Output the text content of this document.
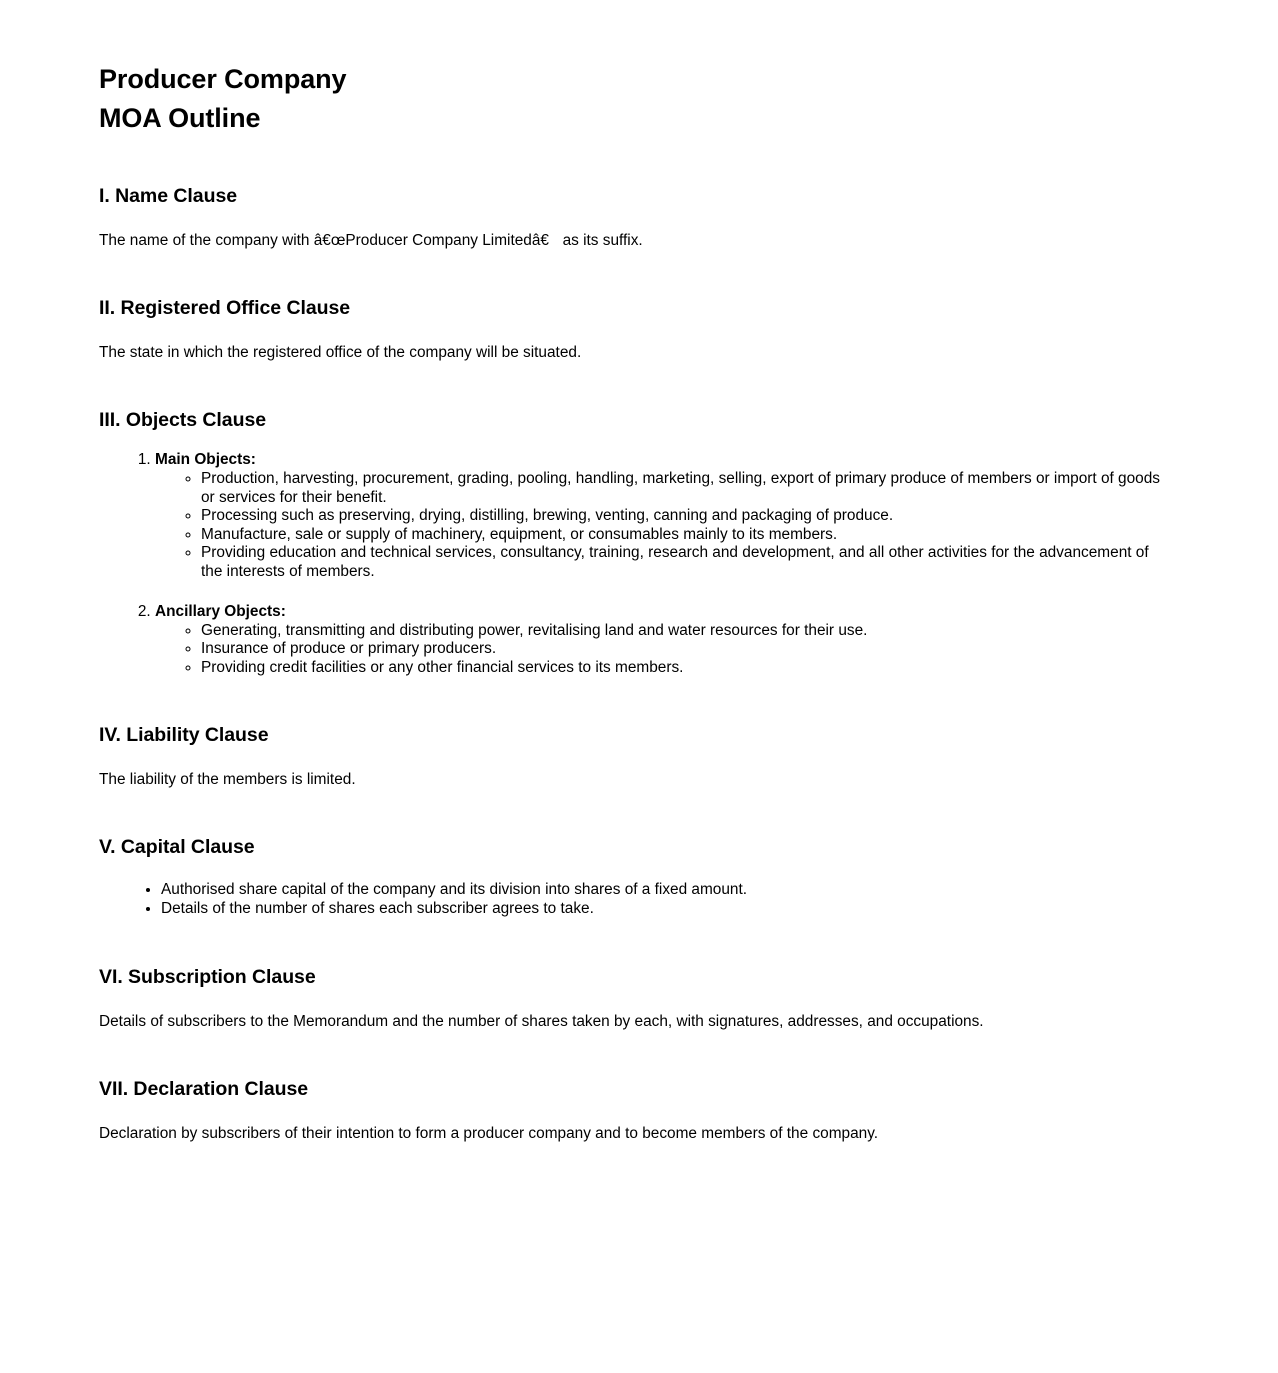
Producer Company
MOA Outline
I. Name Clause

The name of the company with â€œProducer Company Limitedâ€ as its suffix.

II. Registered Office Clause

The state in which the registered office of the company will be situated.

III. Objects Clause
1. Main Objects:
◦ Production, harvesting, procurement, grading, pooling, handling, marketing, selling, export of primary produce of members or import of goods or services for their benefit.
◦ Processing such as preserving, drying, distilling, brewing, venting, canning and packaging of produce.
◦ Manufacture, sale or supply of machinery, equipment, or consumables mainly to its members.
◦ Providing education and technical services, consultancy, training, research and development, and all other activities for the advancement of the interests of members.
2. Ancillary Objects:
◦ Generating, transmitting and distributing power, revitalising land and water resources for their use.
◦ Insurance of produce or primary producers.
◦ Providing credit facilities or any other financial services to its members.
IV. Liability Clause

The liability of the members is limited.

V. Capital Clause
• Authorised share capital of the company and its division into shares of a fixed amount.
• Details of the number of shares each subscriber agrees to take.
VI. Subscription Clause

Details of subscribers to the Memorandum and the number of shares taken by each, with signatures, addresses, and occupations.

VII. Declaration Clause

Declaration by subscribers of their intention to form a producer company and to become members of the company.
